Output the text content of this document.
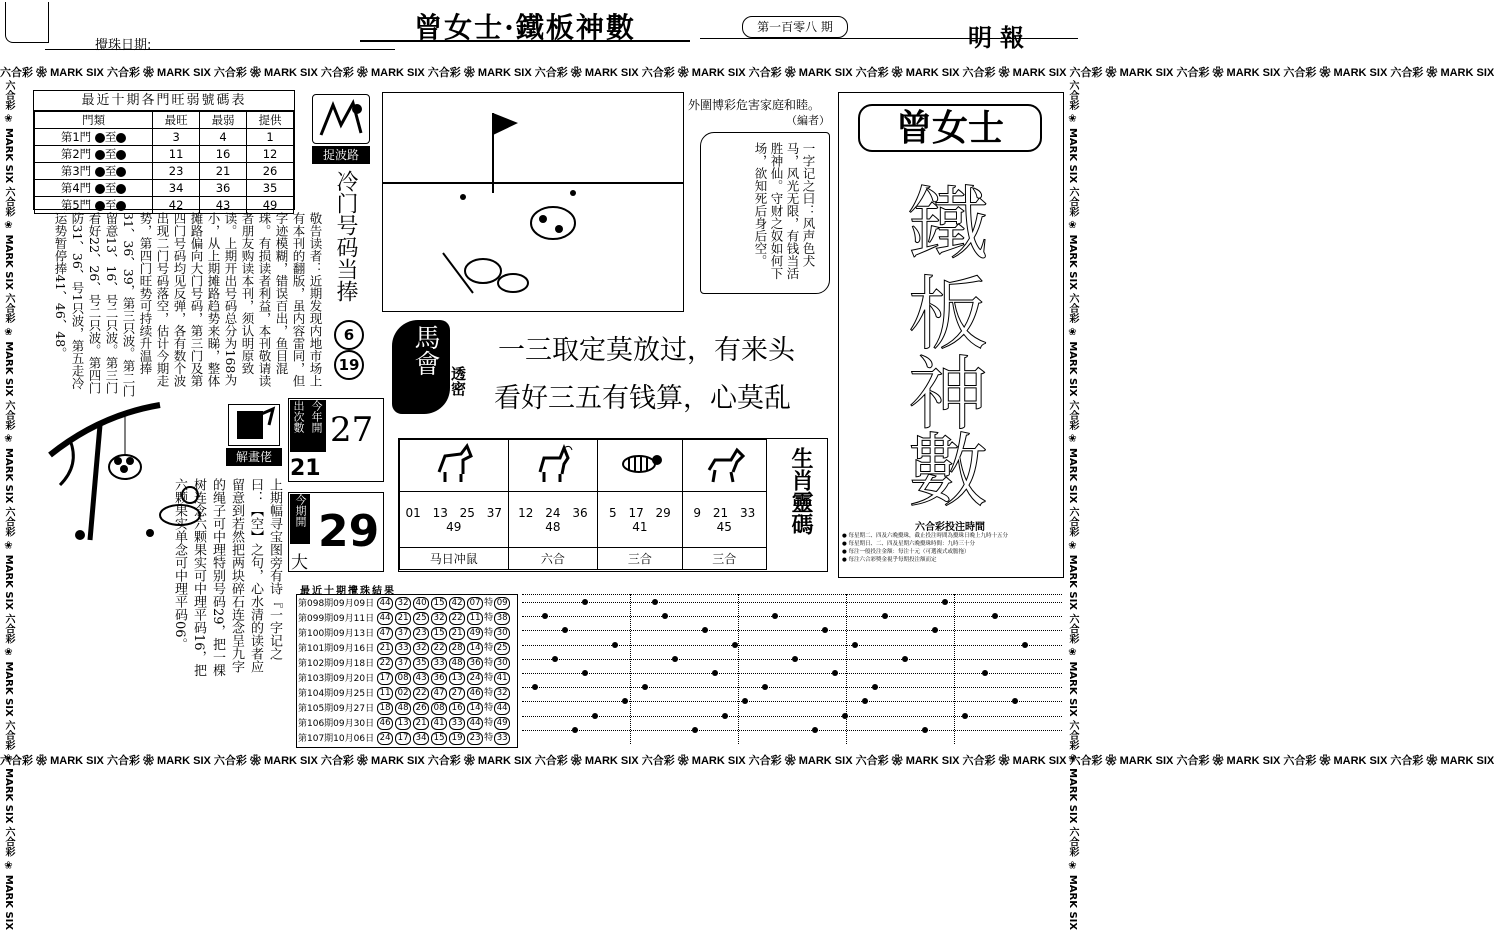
攪珠日期:
曾女士·鐵板神數	第一百零八 期	明報
六合彩 ❀ MARK SIX 六合彩 ❀ MARK SIX 六合彩 ❀ MARK SIX 六合彩 ❀ MARK SIX 六合彩 ❀ MARK SIX 六合彩 ❀ MARK SIX 六合彩 ❀ MARK SIX 六合彩 ❀ MARK SIX 六合彩 ❀ MARK SIX 六合彩 ❀ MARK SIX 六合彩 ❀ MARK SIX 六合彩 ❀ MARK SIX 六合彩 ❀ MARK SIX 六合彩 ❀ MARK SIX
六合彩 ❀ MARK SIX 六合彩 ❀ MARK SIX 六合彩 ❀ MARK SIX 六合彩 ❀ MARK SIX 六合彩 ❀ MARK SIX 六合彩 ❀ MARK SIX 六合彩 ❀ MARK SIX 六合彩 ❀ MARK SIX 六合彩 ❀ MARK SIX 六合彩 ❀ MARK SIX 六合彩 ❀ MARK SIX 六合彩 ❀ MARK SIX 六合彩 ❀ MARK SIX 六合彩 ❀ MARK SIX
六合彩 ❀ MARK SIX 六合彩 ❀ MARK SIX 六合彩 ❀ MARK SIX 六合彩 ❀ MARK SIX 六合彩 ❀ MARK SIX 六合彩 ❀ MARK SIX 六合彩 ❀ MARK SIX 六合彩 ❀ MARK SIX	六合彩 ❀ MARK SIX 六合彩 ❀ MARK SIX 六合彩 ❀ MARK SIX 六合彩 ❀ MARK SIX 六合彩 ❀ MARK SIX 六合彩 ❀ MARK SIX 六合彩 ❀ MARK SIX 六合彩 ❀ MARK SIX
最近十期各門旺弱號碼表
門類	最旺	最弱	提供
第1門 至	3	4	1
第2門 至	11	16	12
第3門 至	23	21	26
第4門 至	34	36	35
第5門 至	42	43	49
捉波路
冷门号码当捧
6
19
敬告读者：近期发现内地市场上有本刊的翻版，虽内容雷同，但字迹模糊，错误百出，鱼目混珠。有损读者利益，本刊敬请读者朋友购读本刊，须认明原致读。上期开出号码总分为168为小，从上期摊路趋势来睇，整体摊路偏向大门号码，第三门及第四门号码均见反弹，各有数个波出现二门号码落空，估计今期走势，第四门旺势可持续升温捧31、36、39，第三只波。第二门留意13、16、号二只波。第三门看好22、26、号二只波。第四门防31、36、号1只波，第五走冷运势暂停捧41、46、48。
外圍博彩危害家庭和睦。
（編者）
一字记之曰：风声色犬马，风光无限，有钱当活胜神仙。守财之奴如何下场，欲知死后身后空。
曾女士
鐵
板
神
數
六合彩投注時間
● 每星期二、四及六晚攪珠，截止投注時間為攪珠日晚上九時十五分
● 每星期日、二、四及星期六晚攪珠時間：九時三十分
● 每注一般投注金額：每注十元（可選複式或膽拖）
● 每注六合彩獎金視乎每期投注額而定
馬會
透密
一三取定莫放过，有来头
看好三五有钱算，心莫乱
解畫佬
上期幅寻宝图旁有诗『一字记之曰：【空】之句，心水清的读者应留意到若然把两块碎石连念呈九字的绳子可中理特别号码29，把一棵树连念六颗果实可中理平码16，把六颗果实单念可中理平码06。
出次數 今年開 27
21
今期開 29
大

01 13 25 37 49	12 24 36 48	5 17 29 41	9 21 33 45
马日冲鼠	六合	三合	三合
生肖靈碼
最近十期攪珠結果
第098期09月09日	44 32 40 15 42 07 特 09
第099期09月11日	44 21 25 32 22 11 特 38
第100期09月13日	47 37 23 15 21 49 特 30
第101期09月16日	21 33 32 22 28 14 特 25
第102期09月18日	22 37 35 33 48 36 特 30
第103期09月20日	17 08 43 36 13 24 特 41
第104期09月25日	11 02 22 47 27 46 特 32
第105期09月27日	18 48 26 08 16 14 特 44
第106期09月30日	46 13 21 41 33 44 特 49
第107期10月06日	24 17 34 15 19 23 特 33
